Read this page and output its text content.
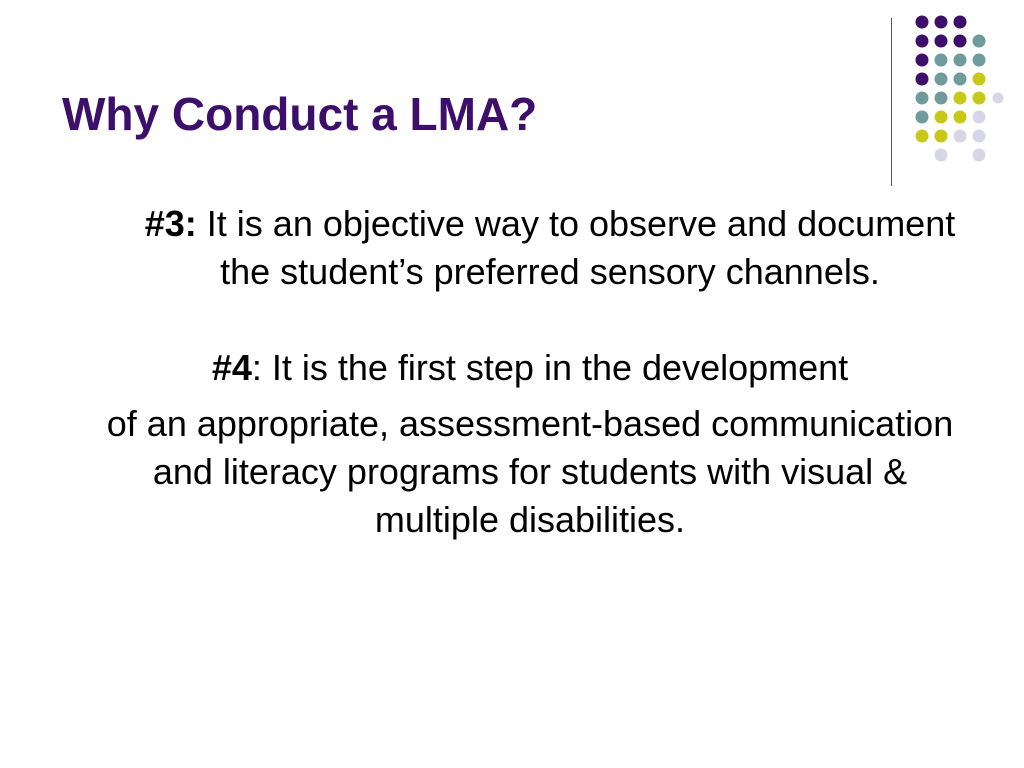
Why Conduct a LMA?

#3: It is an objective way to observe and document the student’s preferred sensory channels.

#4: It is the first step in the development

of an appropriate, assessment-based communication and literacy programs for students with visual & multiple disabilities.
